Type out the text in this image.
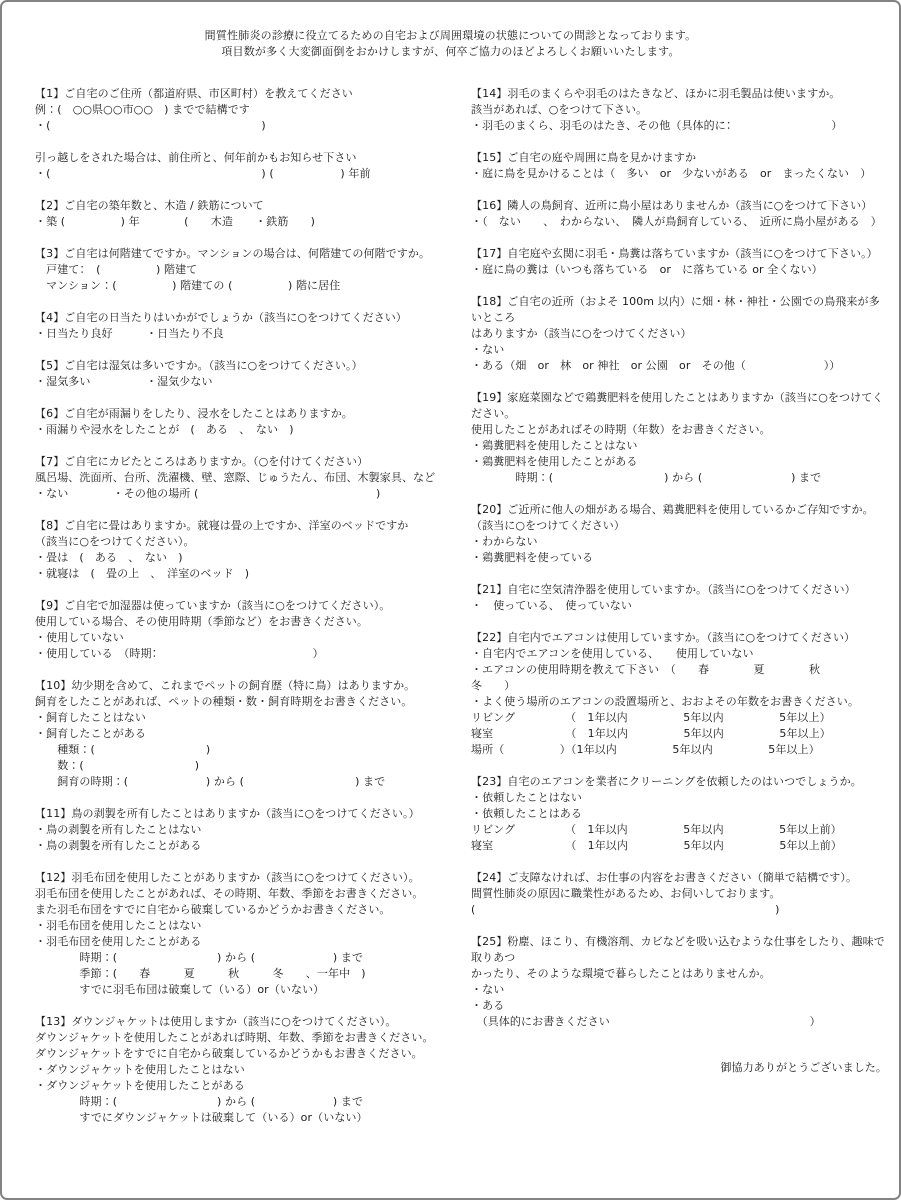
間質性肺炎の診療に役立てるための自宅および周囲環境の状態についての問診となっております。
項目数が多く大変御面倒をおかけしますが、何卒ご協力のほどよろしくお願いいたします。
【1】ご自宅のご住所（都道府県、市区町村）を教えてください
例：(　○○県○○市○○　) までで結構です
・(　　　　　　　　　　　　　　　　　　　)
引っ越しをされた場合は、前住所と、何年前かもお知らせ下さい
・(　　　　　　　　　　　　　　　　　　　) (　　　　　　) 年前
【2】ご自宅の築年数と、木造 / 鉄筋について
・築 (　　　　　) 年　　　　(　　木造　　・鉄筋　　)
【3】ご自宅は何階建てですか。マンションの場合は、何階建ての何階ですか。
　戸建て：　(　　　　　) 階建て
　マンション：(　　　　　) 階建ての (　　　　　) 階に居住
【4】ご自宅の日当たりはいかがでしょうか（該当に○をつけてください）
・日当たり良好　　　・日当たり不良
【5】ご自宅は湿気は多いですか。（該当に○をつけてください。）
・湿気多い　　　　　・湿気少ない
【6】ご自宅が雨漏りをしたり、浸水をしたことはありますか。
・雨漏りや浸水をしたことが　(　ある　、　ない　)
【7】ご自宅にカビたところはありますか。（○を付けてください）
風呂場、洗面所、台所、洗濯機、壁、窓際、じゅうたん、布団、木製家具、など
・ない　　　　・その他の場所 (　　　　　　　　　　　　　　　　)
【8】ご自宅に畳はありますか。就寝は畳の上ですか、洋室のベッドですか
（該当に○をつけてください）。
・畳は　(　ある　、　ない　)
・就寝は　(　畳の上　、　洋室のベッド　)
【9】ご自宅で加湿器は使っていますか（該当に○をつけてください）。
使用している場合、その使用時期（季節など）をお書きください。
・使用していない
・使用している　（時期：　　　　　　　　　　　　　　）
【10】幼少期を含めて、これまでペットの飼育歴（特に鳥）はありますか。
飼育をしたことがあれば、ペットの種類・数・飼育時期をお書きください。
・飼育したことはない
・飼育したことがある
　　種類：(　　　　　　　　　　)
　　数：(　　　　　　　　　　)
　　飼育の時期：(　　　　　　　) から (　　　　　　　　　　) まで
【11】鳥の剥製を所有したことはありますか（該当に○をつけてください。）
・鳥の剥製を所有したことはない
・鳥の剥製を所有したことがある
【12】羽毛布団を使用したことがありますか（該当に○をつけてください）。
羽毛布団を使用したことがあれば、その時期、年数、季節をお書きください。
また羽毛布団をすでに自宅から破棄しているかどうかお書きください。
・羽毛布団を使用したことはない
・羽毛布団を使用したことがある
　　　　時期：(　　　　　　　　　) から (　　　　　　　) まで
　　　　季節：(　　春　　　夏　　　秋　　　冬　　、一年中　)
　　　　すでに羽毛布団は破棄して（いる）or（いない）
【13】ダウンジャケットは使用しますか（該当に○をつけてください）。
ダウンジャケットを使用したことがあれば時期、年数、季節をお書きください。
ダウンジャケットをすでに自宅から破棄しているかどうかもお書きください。
・ダウンジャケットを使用したことはない
・ダウンジャケットを使用したことがある
　　　　時期：(　　　　　　　　　) から (　　　　　　　) まで
　　　　すでにダウンジャケットは破棄して（いる）or（いない）
【14】羽毛のまくらや羽毛のはたきなど、ほかに羽毛製品は使いますか。
該当があれば、○をつけて下さい。
・羽毛のまくら、羽毛のはたき、その他（具体的に：　　　　　　　　　）
【15】ご自宅の庭や周囲に鳥を見かけますか
・庭に鳥を見かけることは（　多い　or　少ないがある　or　まったくない　）
【16】隣人の鳥飼育、近所に鳥小屋はありませんか（該当に○をつけて下さい）
・（　ない　　、　わからない、　隣人が鳥飼育している、　近所に鳥小屋がある　）
【17】自宅庭や玄関に羽毛・鳥糞は落ちていますか（該当に○をつけて下さい。）
・庭に鳥の糞は（いつも落ちている　or　に落ちている or 全くない）
【18】ご自宅の近所（およそ 100m 以内）に畑・林・神社・公園での鳥飛来が多いところ
はありますか（該当に○をつけてください）
・ない
・ある（畑　or　林　or 神社　or 公園　or　その他（　　　　　　　））
【19】家庭菜園などで鶏糞肥料を使用したことはありますか（該当に○をつけてください。
使用したことがあればその時期（年数）をお書きください。
・鶏糞肥料を使用したことはない
・鶏糞肥料を使用したことがある
　　　　時期：(　　　　　　　　　　) から (　　　　　　　　) まで
【20】ご近所に他人の畑がある場合、鶏糞肥料を使用しているかご存知ですか。
（該当に○をつけてください）
・わからない
・鶏糞肥料を使っている
【21】自宅に空気清浄器を使用していますか。（該当に○をつけてください）
・　使っている、　使っていない
【22】自宅内でエアコンは使用していますか。（該当に○をつけてください）
・自宅内でエアコンを使用している、　　使用していない
・エアコンの使用時期を教えて下さい　（　　春　　　　夏　　　　秋　　　　冬　　）
・よく使う場所のエアコンの設置場所と、おおよその年数をお書きください。
リビング　　　　　（　1年以内　　　　　5年以内　　　　　5年以上）
寝室　　　　　　　（　1年以内　　　　　5年以内　　　　　5年以上）
場所（　　　　　）（1年以内　　　　　5年以内　　　　　5年以上）
【23】自宅のエアコンを業者にクリーニングを依頼したのはいつでしょうか。
・依頼したことはない
・依頼したことはある
リビング　　　　　（　1年以内　　　　　5年以内　　　　　5年以上前）
寝室　　　　　　　（　1年以内　　　　　5年以内　　　　　5年以上前）
【24】ご支障なければ、お仕事の内容をお書きください（簡単で結構です）。
間質性肺炎の原因に職業性があるため、お伺いしております。
(　　　　　　　　　　　　　　　　　　　　　　　　　　　)
【25】粉塵、ほこり、有機溶剤、カビなどを吸い込むような仕事をしたり、趣味で取りあつ
かったり、そのような環境で暮らしたことはありませんか。
・ない
・ある
　（具体的にお書きください　　　　　　　　　　　　　　　　　　）
御協力ありがとうございました。
